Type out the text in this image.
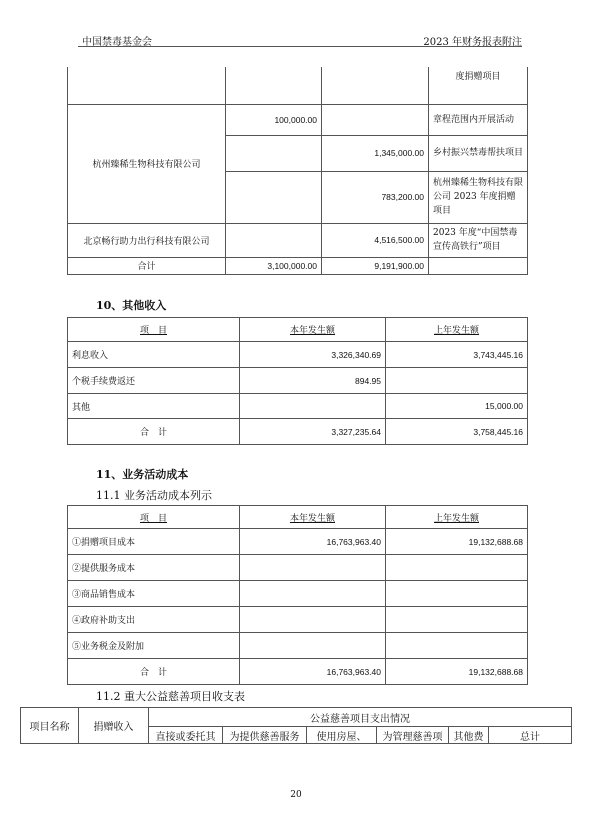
中国禁毒基金会	2023 年财务报表附注
			度捐赠项目
杭州臻稀生物科技有限公司	100,000.00		章程范围内开展活动
		1,345,000.00	乡村振兴禁毒帮扶项目
		783,200.00	杭州臻稀生物科技有限公司 2023 年度捐赠项目
北京畅行助力出行科技有限公司		4,516,500.00	2023 年度“中国禁毒宣传高铁行”项目
合计	3,100,000.00	9,191,900.00	
10、其他收入
项　目	本年发生额	上年发生额
利息收入	3,326,340.69	3,743,445.16
个税手续费返还	894.95	
其他		15,000.00
合　计	3,327,235.64	3,758,445.16
11、业务活动成本
11.1 业务活动成本列示
项　目	本年发生额	上年发生额
①捐赠项目成本	16,763,963.40	19,132,688.68
②提供服务成本		
③商品销售成本		
④政府补助支出		
⑤业务税金及附加		
合　计	16,763,963.40	19,132,688.68
11.2 重大公益慈善项目收支表
项目名称	捐赠收入	公益慈善项目支出情况					
		直接或委托其	为提供慈善服务	使用房屋、	为管理慈善项	其他费	总计
20
